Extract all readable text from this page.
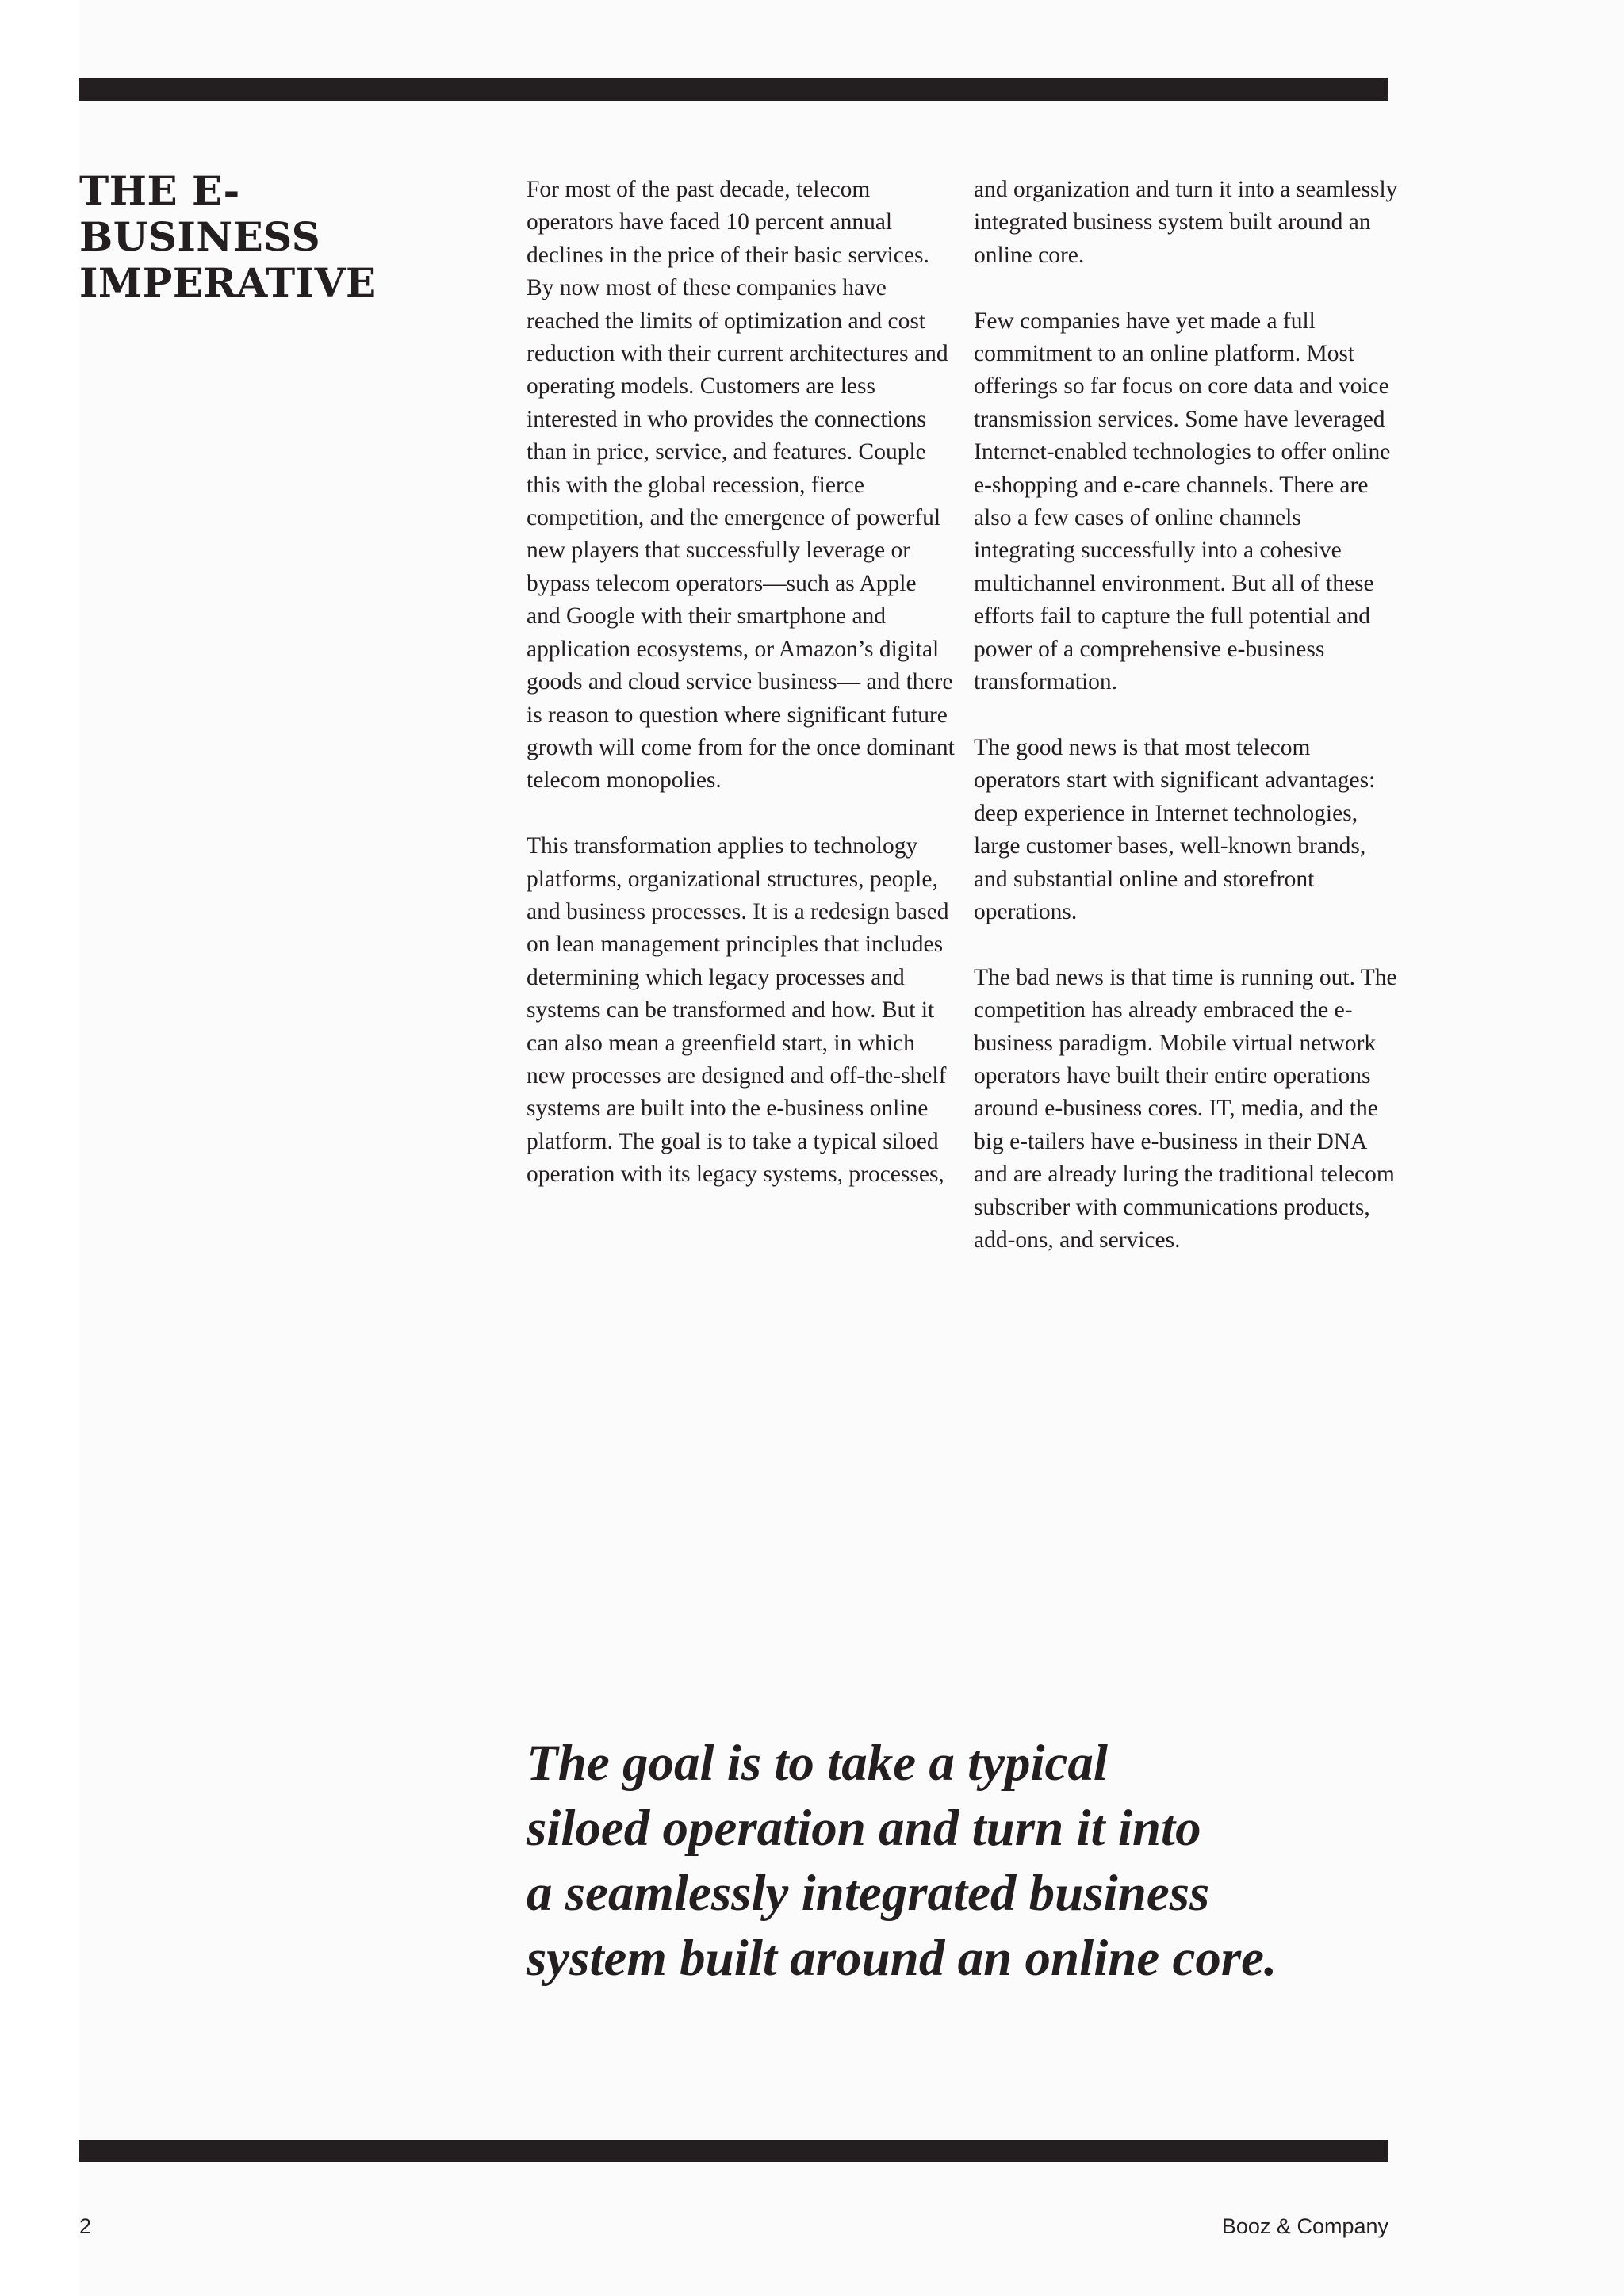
THE E-BUSINESS
IMPERATIVE

For most of the past decade, telecom operators have faced 10 percent annual declines in the price of their basic services. By now most of these companies have reached the limits of optimization and cost reduction with their current architectures and operating models. Customers are less interested in who provides the connections than in price, service, and features. Couple this with the global recession, fierce competition, and the emergence of powerful new players that successfully leverage or bypass telecom operators—such as Apple and Google with their smartphone and application ecosystems, or Amazon’s digital goods and cloud service business— and there is reason to question where significant future growth will come from for the once dominant telecom monopolies.

This transformation applies to technology platforms, organizational structures, people, and business processes. It is a redesign based on lean management principles that includes determining which legacy processes and systems can be transformed and how. But it can also mean a greenfield start, in which new processes are designed and off-the-shelf systems are built into the e-business online platform. The goal is to take a typical siloed operation with its legacy systems, processes,

and organization and turn it into a seamlessly integrated business system built around an online core.

Few companies have yet made a full commitment to an online platform. Most offerings so far focus on core data and voice transmission services. Some have leveraged Internet-enabled technologies to offer online e-shopping and e-care channels. There are also a few cases of online channels integrating successfully into a cohesive multichannel environment. But all of these efforts fail to capture the full potential and power of a comprehensive e-business transformation.

The good news is that most telecom operators start with significant advantages: deep experience in Internet technologies, large customer bases, well-known brands, and substantial online and storefront operations.

The bad news is that time is running out. The competition has already embraced the e-business paradigm. Mobile virtual network operators have built their entire operations around e-business cores. IT, media, and the big e-tailers have e-business in their DNA and are already luring the traditional telecom subscriber with communications products, add-ons, and services.

The goal is to take a typical
siloed operation and turn it into
a seamlessly integrated business
system built around an online core.
2	Booz & Company
